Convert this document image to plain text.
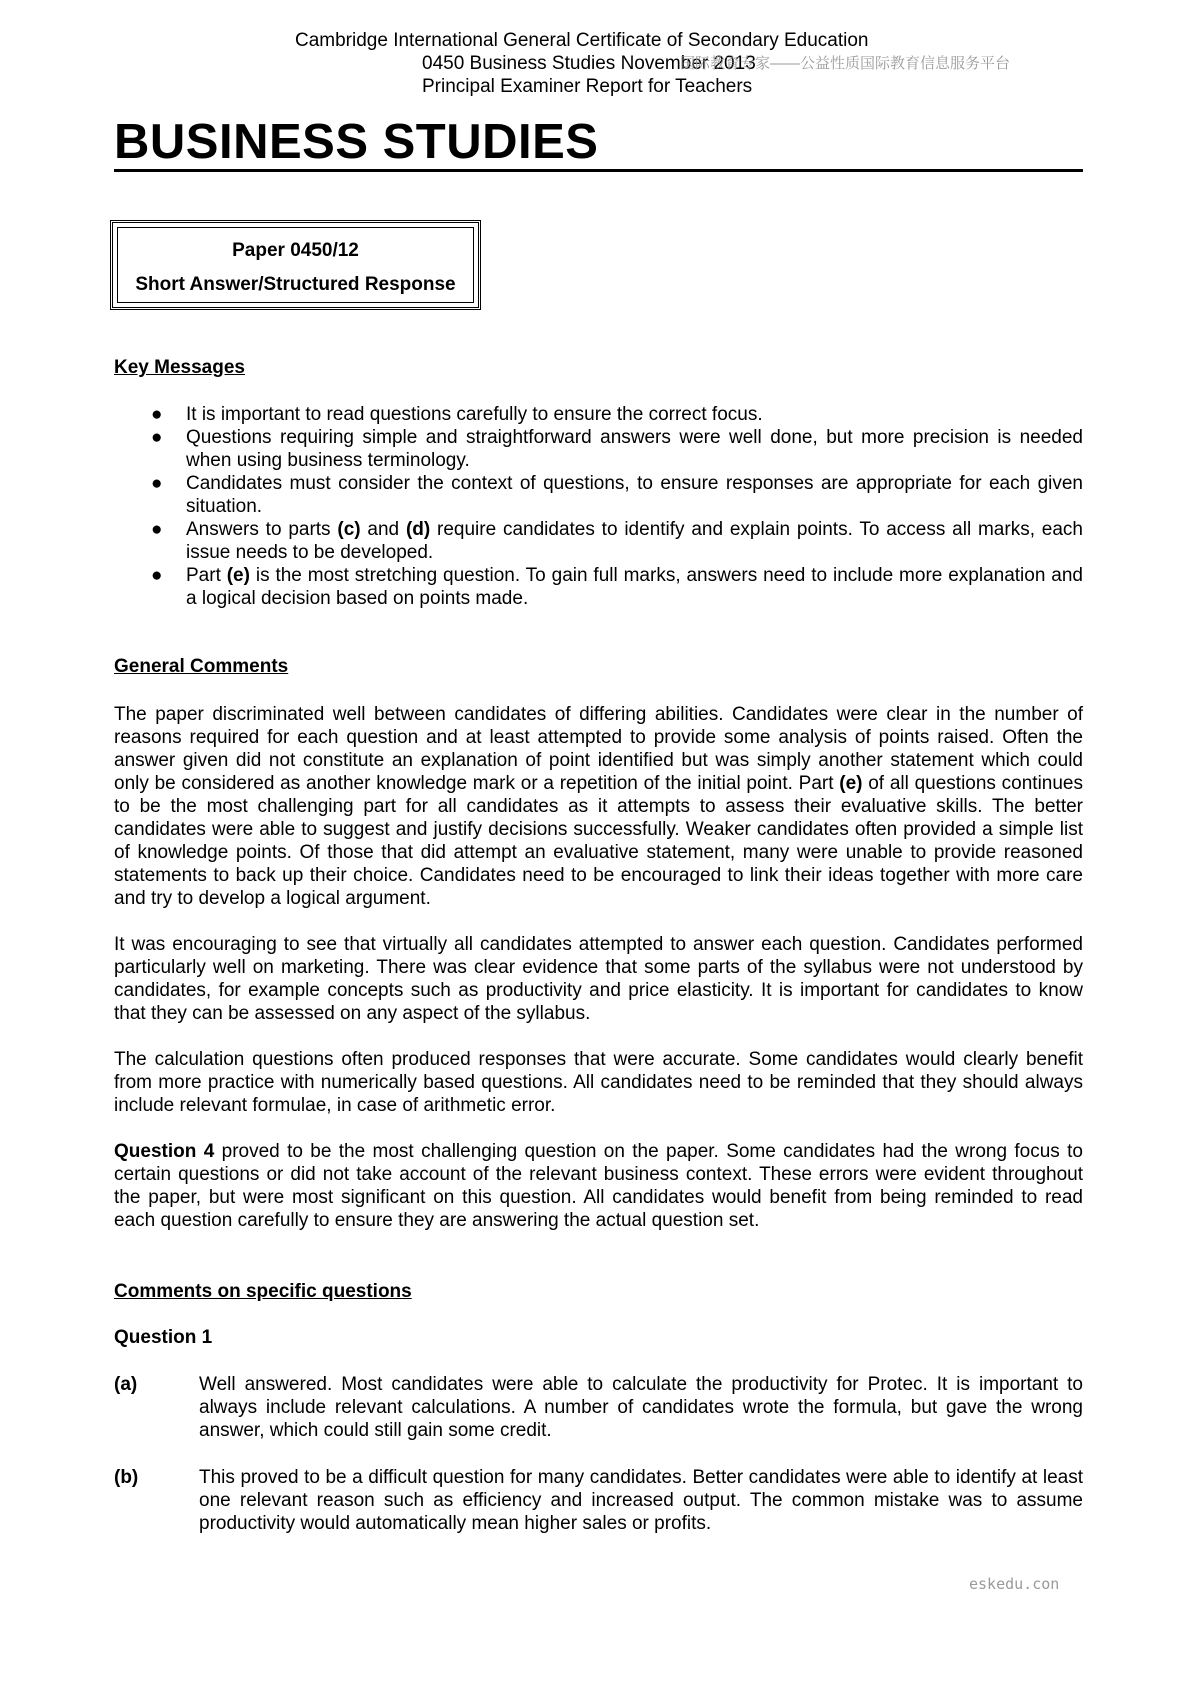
Cambridge International General Certificate of Secondary Education
0450 Business Studies November 2013
Principal Examiner Report for Teachers
国际教育专家——公益性质国际教育信息服务平台
BUSINESS STUDIES
Paper 0450/12
Short Answer/Structured Response
Key Messages
● It is important to read questions carefully to ensure the correct focus.
● Questions requiring simple and straightforward answers were well done, but more precision is needed when using business terminology.
● Candidates must consider the context of questions, to ensure responses are appropriate for each given situation.
● Answers to parts (c) and (d) require candidates to identify and explain points. To access all marks, each issue needs to be developed.
● Part (e) is the most stretching question. To gain full marks, answers need to include more explanation and a logical decision based on points made.
General Comments
The paper discriminated well between candidates of differing abilities. Candidates were clear in the number of reasons required for each question and at least attempted to provide some analysis of points raised. Often the answer given did not constitute an explanation of point identified but was simply another statement which could only be considered as another knowledge mark or a repetition of the initial point. Part (e) of all questions continues to be the most challenging part for all candidates as it attempts to assess their evaluative skills. The better candidates were able to suggest and justify decisions successfully. Weaker candidates often provided a simple list of knowledge points. Of those that did attempt an evaluative statement, many were unable to provide reasoned statements to back up their choice. Candidates need to be encouraged to link their ideas together with more care and try to develop a logical argument.
It was encouraging to see that virtually all candidates attempted to answer each question. Candidates performed particularly well on marketing. There was clear evidence that some parts of the syllabus were not understood by candidates, for example concepts such as productivity and price elasticity. It is important for candidates to know that they can be assessed on any aspect of the syllabus.
The calculation questions often produced responses that were accurate. Some candidates would clearly benefit from more practice with numerically based questions. All candidates need to be reminded that they should always include relevant formulae, in case of arithmetic error.
Question 4 proved to be the most challenging question on the paper. Some candidates had the wrong focus to certain questions or did not take account of the relevant business context. These errors were evident throughout the paper, but were most significant on this question. All candidates would benefit from being reminded to read each question carefully to ensure they are answering the actual question set.
Comments on specific questions
Question 1
(a)	Well answered. Most candidates were able to calculate the productivity for Protec. It is important to always include relevant calculations. A number of candidates wrote the formula, but gave the wrong answer, which could still gain some credit.
(b)	This proved to be a difficult question for many candidates. Better candidates were able to identify at least one relevant reason such as efficiency and increased output. The common mistake was to assume productivity would automatically mean higher sales or profits.
eskedu.con
